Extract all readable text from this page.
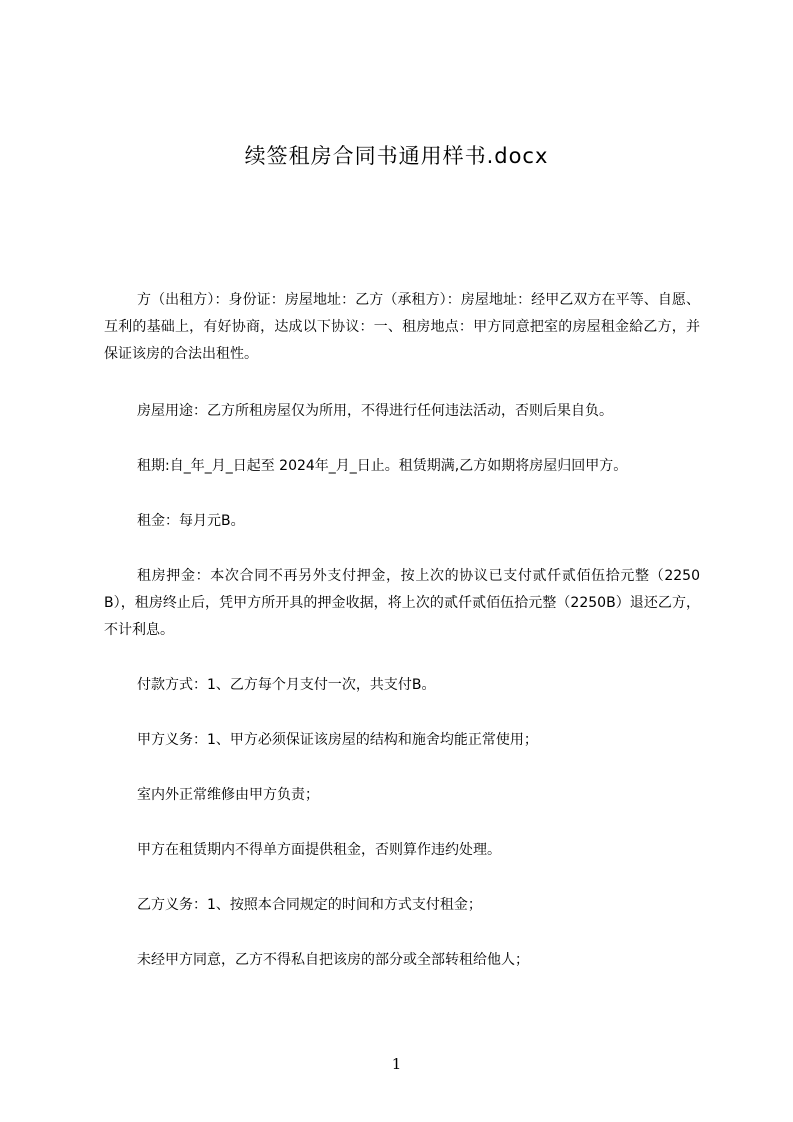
续签租房合同书通用样书.docx

方（出租方）：身份证：房屋地址：乙方（承租方）：房屋地址：经甲乙双方在平等、自愿、互利的基础上，有好协商，达成以下协议：一、租房地点：甲方同意把室的房屋租金給乙方，并保证该房的合法出租性。

房屋用途：乙方所租房屋仅为所用，不得进行任何违法活动，否则后果自负。

租期:自_年_月_日起至 2024年_月_日止。租赁期满,乙方如期将房屋归回甲方。

租金：每月元B。

租房押金：本次合同不再另外支付押金，按上次的协议已支付贰仟贰佰伍拾元整（2250B），租房终止后，凭甲方所开具的押金收据，将上次的贰仟贰佰伍拾元整（2250B）退还乙方，不计利息。

付款方式：1、乙方每个月支付一次，共支付B。

甲方义务：1、甲方必须保证该房屋的结构和施舍均能正常使用；

室内外正常维修由甲方负责；

甲方在租赁期内不得单方面提供租金，否则算作违约处理。

乙方义务：1、按照本合同规定的时间和方式支付租金；

未经甲方同意，乙方不得私自把该房的部分或全部转租给他人；

1
